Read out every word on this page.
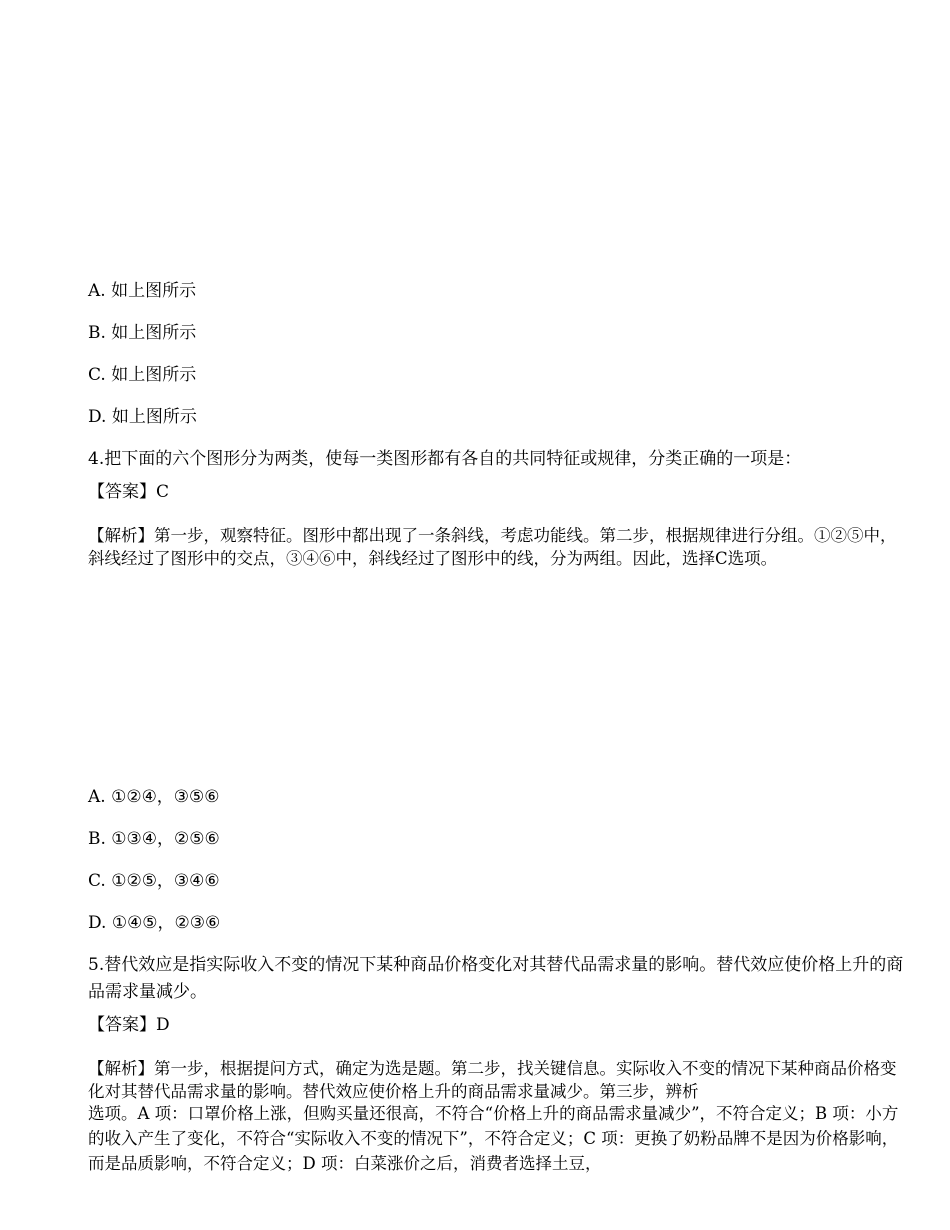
A. 如上图所示
B. 如上图所示
C. 如上图所示
D. 如上图所示
4.把下面的六个图形分为两类，使每一类图形都有各自的共同特征或规律，分类正确的一项是：
【答案】C
【解析】第一步，观察特征。图形中都出现了一条斜线，考虑功能线。第二步，根据规律进行分组。①②⑤中，斜线经过了图形中的交点，③④⑥中，斜线经过了图形中的线，分为两组。因此，选择C选项。
A. ①②④，③⑤⑥
B. ①③④，②⑤⑥
C. ①②⑤，③④⑥
D. ①④⑤，②③⑥
5.替代效应是指实际收入不变的情况下某种商品价格变化对其替代品需求量的影响。替代效应使价格上升的商品需求量减少。
【答案】D
【解析】第一步，根据提问方式，确定为选是题。第二步，找关键信息。实际收入不变的情况下某种商品价格变化对其替代品需求量的影响。替代效应使价格上升的商品需求量减少。第三步，辨析
选项。A 项：口罩价格上涨，但购买量还很高，不符合“价格上升的商品需求量减少”，不符合定义；B 项：小方的收入产生了变化，不符合“实际收入不变的情况下”，不符合定义；C 项：更换了奶粉品牌不是因为价格影响，而是品质影响，不符合定义；D 项：白菜涨价之后，消费者选择土豆，
